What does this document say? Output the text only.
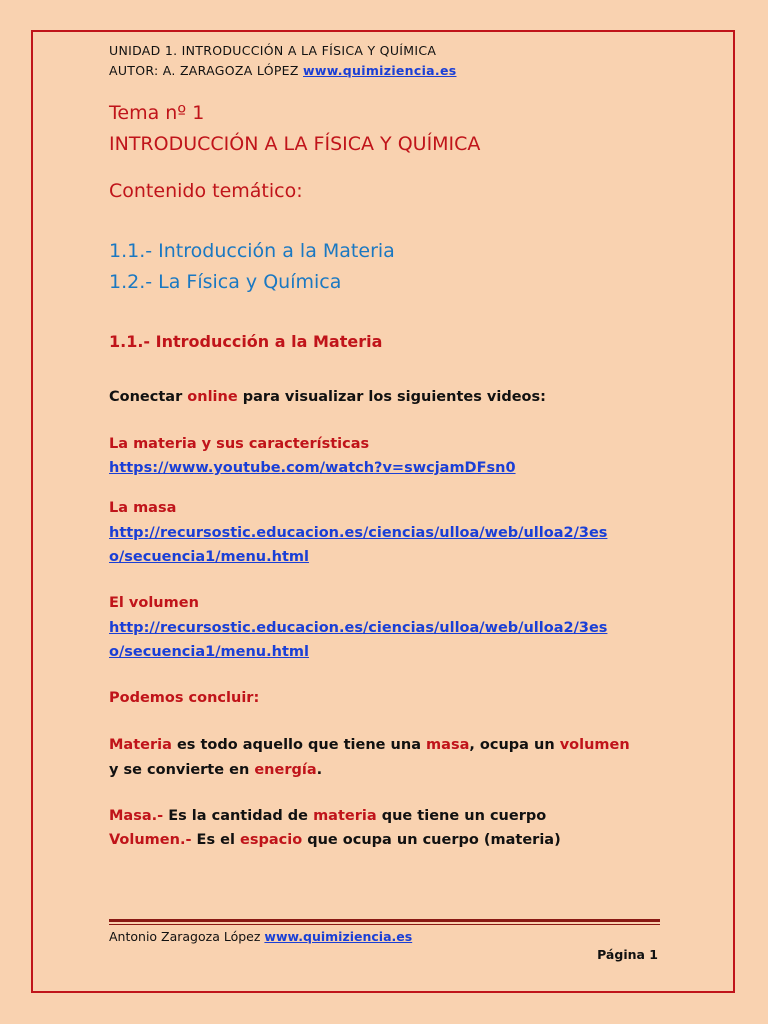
UNIDAD 1. INTRODUCCIÓN A LA FÍSICA Y QUÍMICA
AUTOR: A. ZARAGOZA LÓPEZ www.quimiziencia.es
Tema nº 1
INTRODUCCIÓN A LA FÍSICA Y QUÍMICA
Contenido temático:
1.1.- Introducción a la Materia
1.2.- La Física y Química
1.1.- Introducción a la Materia
Conectar online para visualizar los siguientes videos:
La materia y sus características
https://www.youtube.com/watch?v=swcjamDFsn0
La masa
http://recursostic.educacion.es/ciencias/ulloa/web/ulloa2/3es
o/secuencia1/menu.html
El volumen
http://recursostic.educacion.es/ciencias/ulloa/web/ulloa2/3es
o/secuencia1/menu.html
Podemos concluir:
Materia es todo aquello que tiene una masa, ocupa un volumen
y se convierte en energía.
Masa.- Es la cantidad de materia que tiene un cuerpo
Volumen.- Es el espacio que ocupa un cuerpo (materia)
Antonio Zaragoza López www.quimiziencia.es
Página 1
